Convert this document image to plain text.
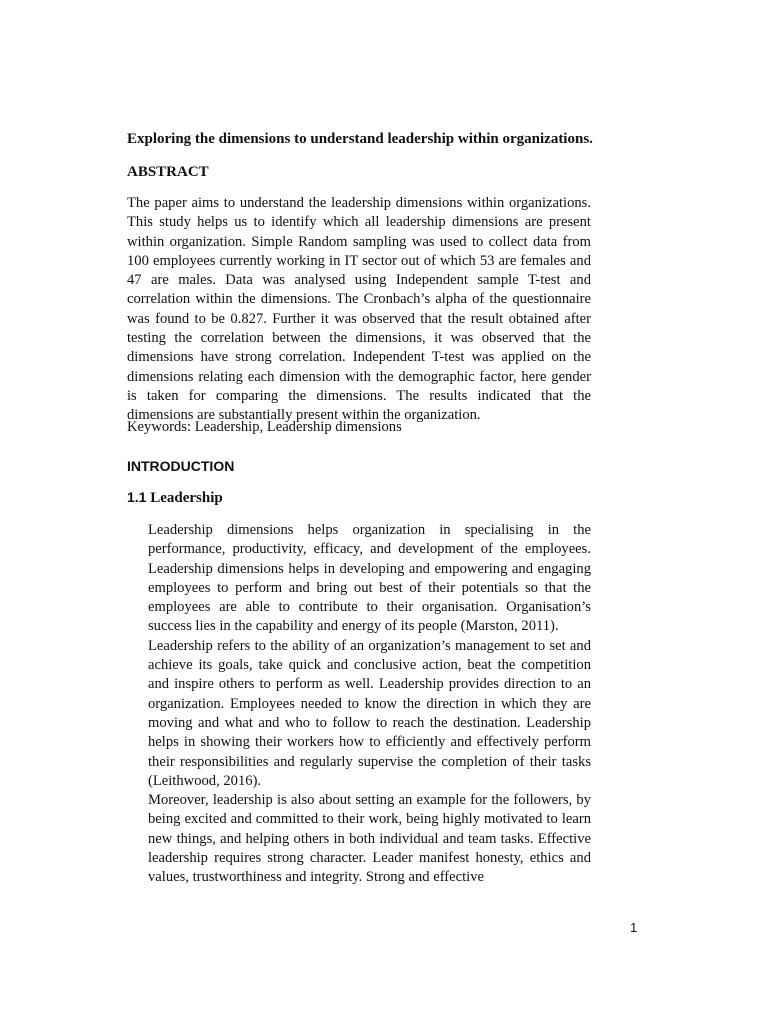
Exploring the dimensions to understand leadership within organizations.
ABSTRACT

The paper aims to understand the leadership dimensions within organizations. This study helps us to identify which all leadership dimensions are present within organization. Simple Random sampling was used to collect data from 100 employees currently working in IT sector out of which 53 are females and 47 are males. Data was analysed using Independent sample T-test and correlation within the dimensions. The Cronbach’s alpha of the questionnaire was found to be 0.827. Further it was observed that the result obtained after testing the correlation between the dimensions, it was observed that the dimensions have strong correlation. Independent T-test was applied on the dimensions relating each dimension with the demographic factor, here gender is taken for comparing the dimensions. The results indicated that the dimensions are substantially present within the organization.

Keywords: Leadership, Leadership dimensions

INTRODUCTION
1.1 Leadership

Leadership dimensions helps organization in specialising in the performance, productivity, efficacy, and development of the employees. Leadership dimensions helps in developing and empowering and engaging employees to perform and bring out best of their potentials so that the employees are able to contribute to their organisation. Organisation’s success lies in the capability and energy of its people (Marston, 2011).

Leadership refers to the ability of an organization’s management to set and achieve its goals, take quick and conclusive action, beat the competition and inspire others to perform as well. Leadership provides direction to an organization. Employees needed to know the direction in which they are moving and what and who to follow to reach the destination. Leadership helps in showing their workers how to efficiently and effectively perform their responsibilities and regularly supervise the completion of their tasks (Leithwood, 2016).

Moreover, leadership is also about setting an example for the followers, by being excited and committed to their work, being highly motivated to learn new things, and helping others in both individual and team tasks. Effective leadership requires strong character. Leader manifest honesty, ethics and values, trustworthiness and integrity. Strong and effective

1
